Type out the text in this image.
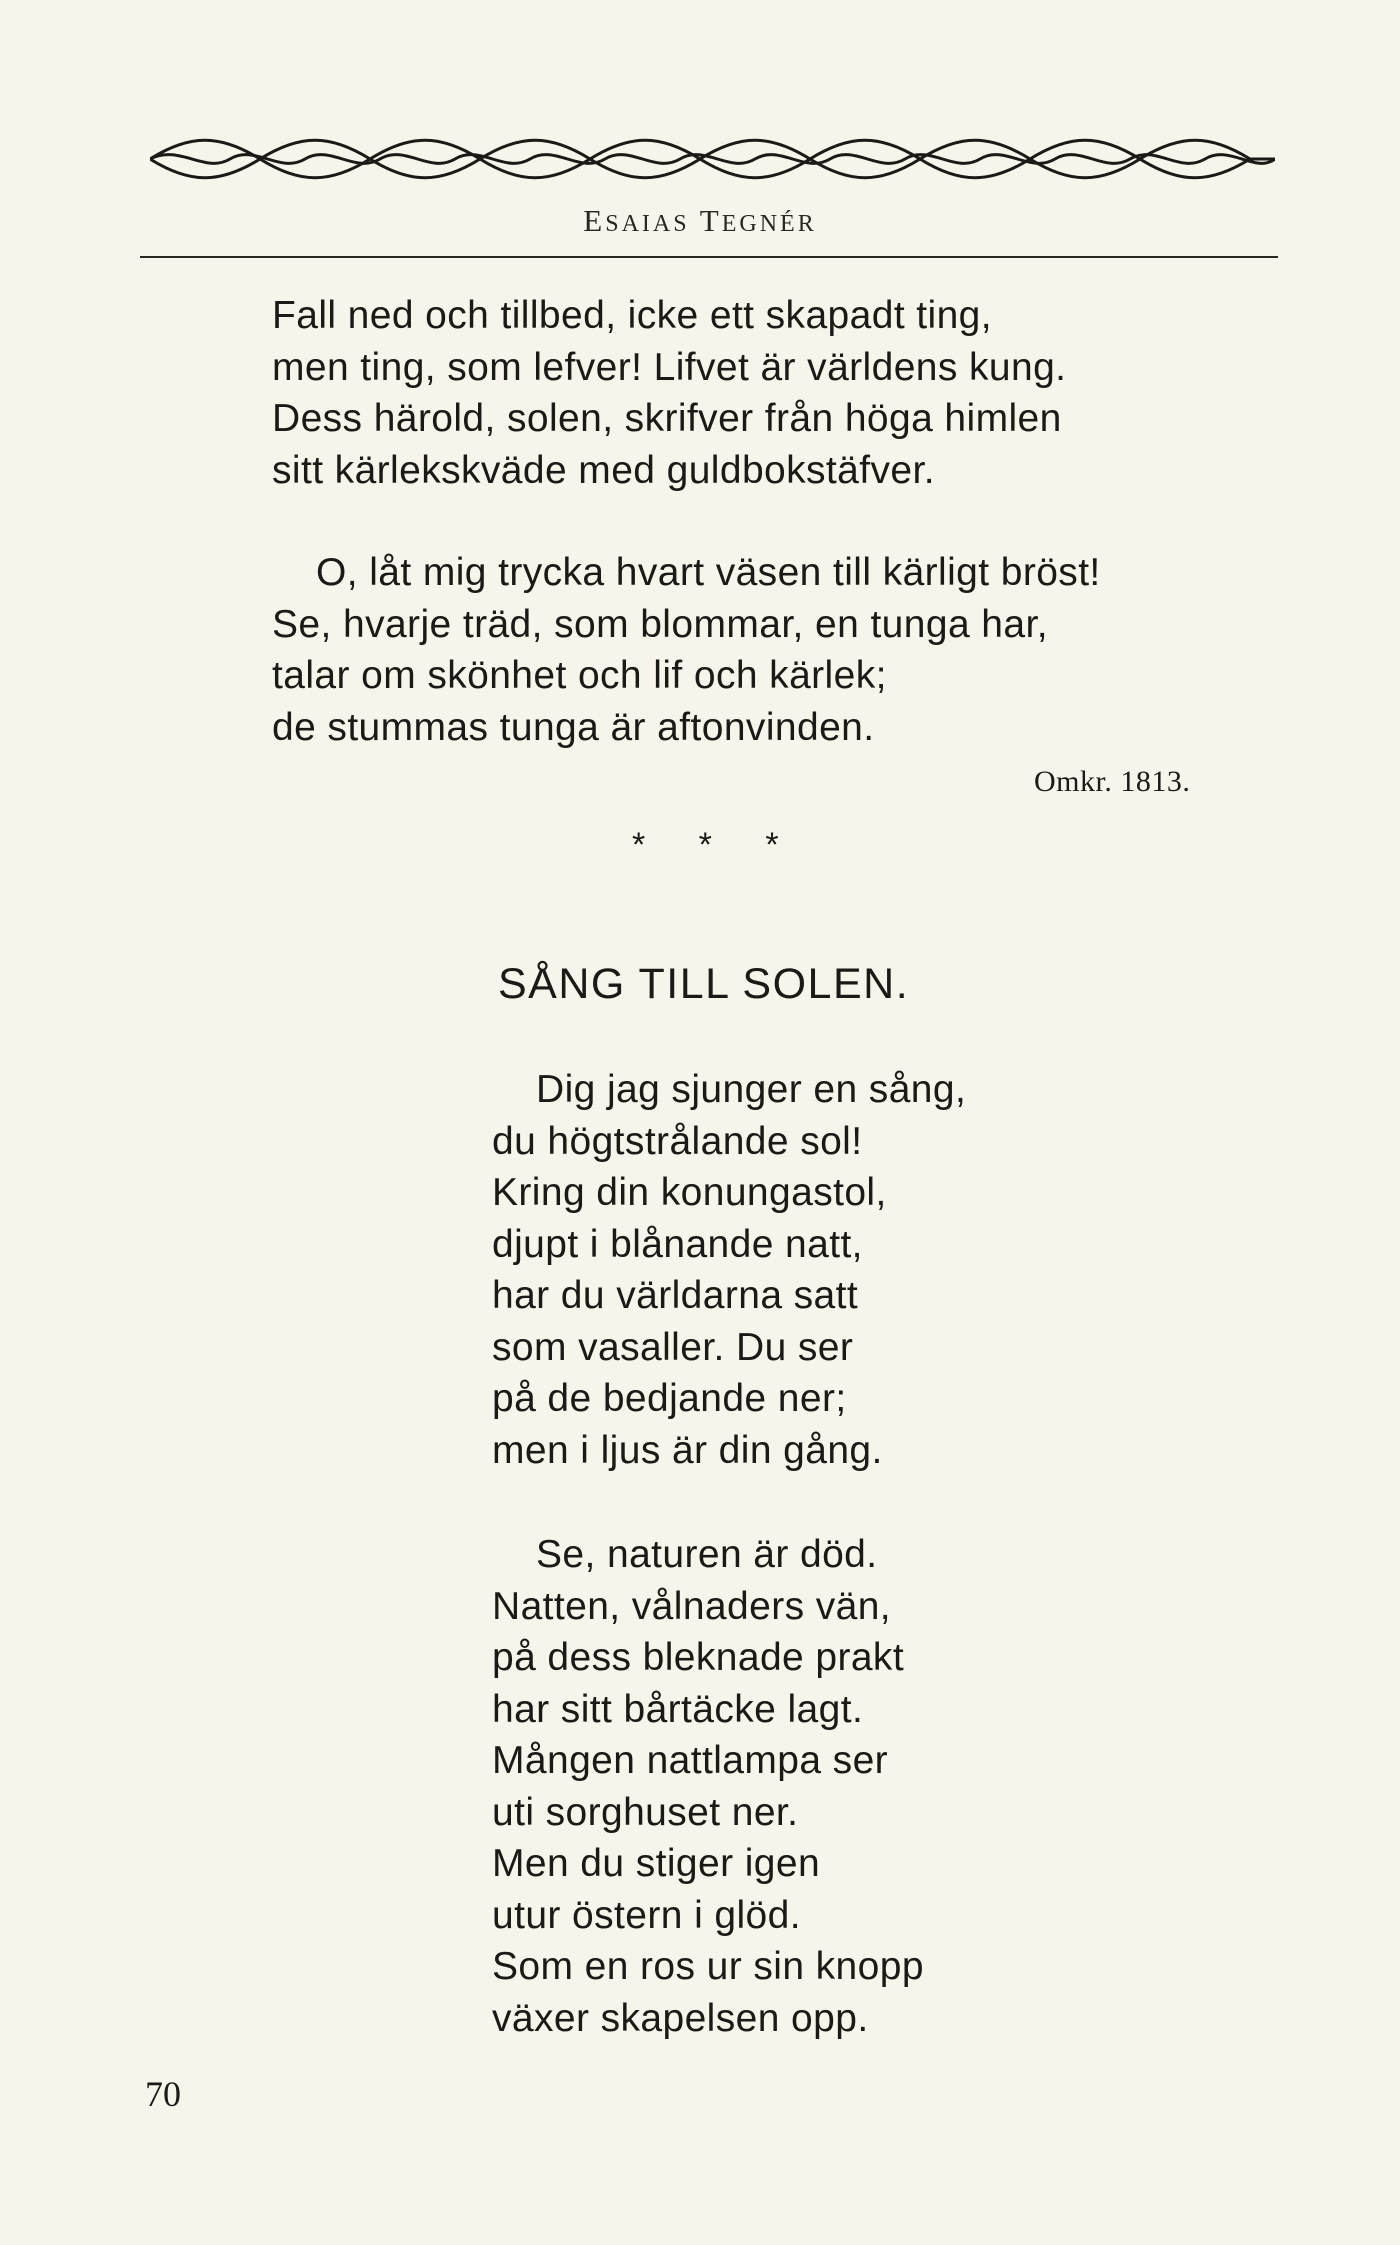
ESAIAS TEGNÉR
Fall ned och tillbed, icke ett skapadt ting,
men ting, som lefver! Lifvet är världens kung.
Dess härold, solen, skrifver från höga himlen
sitt kärlekskväde med guldbokstäfver.
O, låt mig trycka hvart väsen till kärligt bröst!
Se, hvarje träd, som blommar, en tunga har,
talar om skönhet och lif och kärlek;
de stummas tunga är aftonvinden.
Omkr. 1813.
* * *
SÅNG TILL SOLEN.
Dig jag sjunger en sång,
du högtstrålande sol!
Kring din konungastol,
djupt i blånande natt,
har du världarna satt
som vasaller. Du ser
på de bedjande ner;
men i ljus är din gång.
Se, naturen är död.
Natten, vålnaders vän,
på dess bleknade prakt
har sitt bårtäcke lagt.
Mången nattlampa ser
uti sorghuset ner.
Men du stiger igen
utur östern i glöd.
Som en ros ur sin knopp
växer skapelsen opp.
70
